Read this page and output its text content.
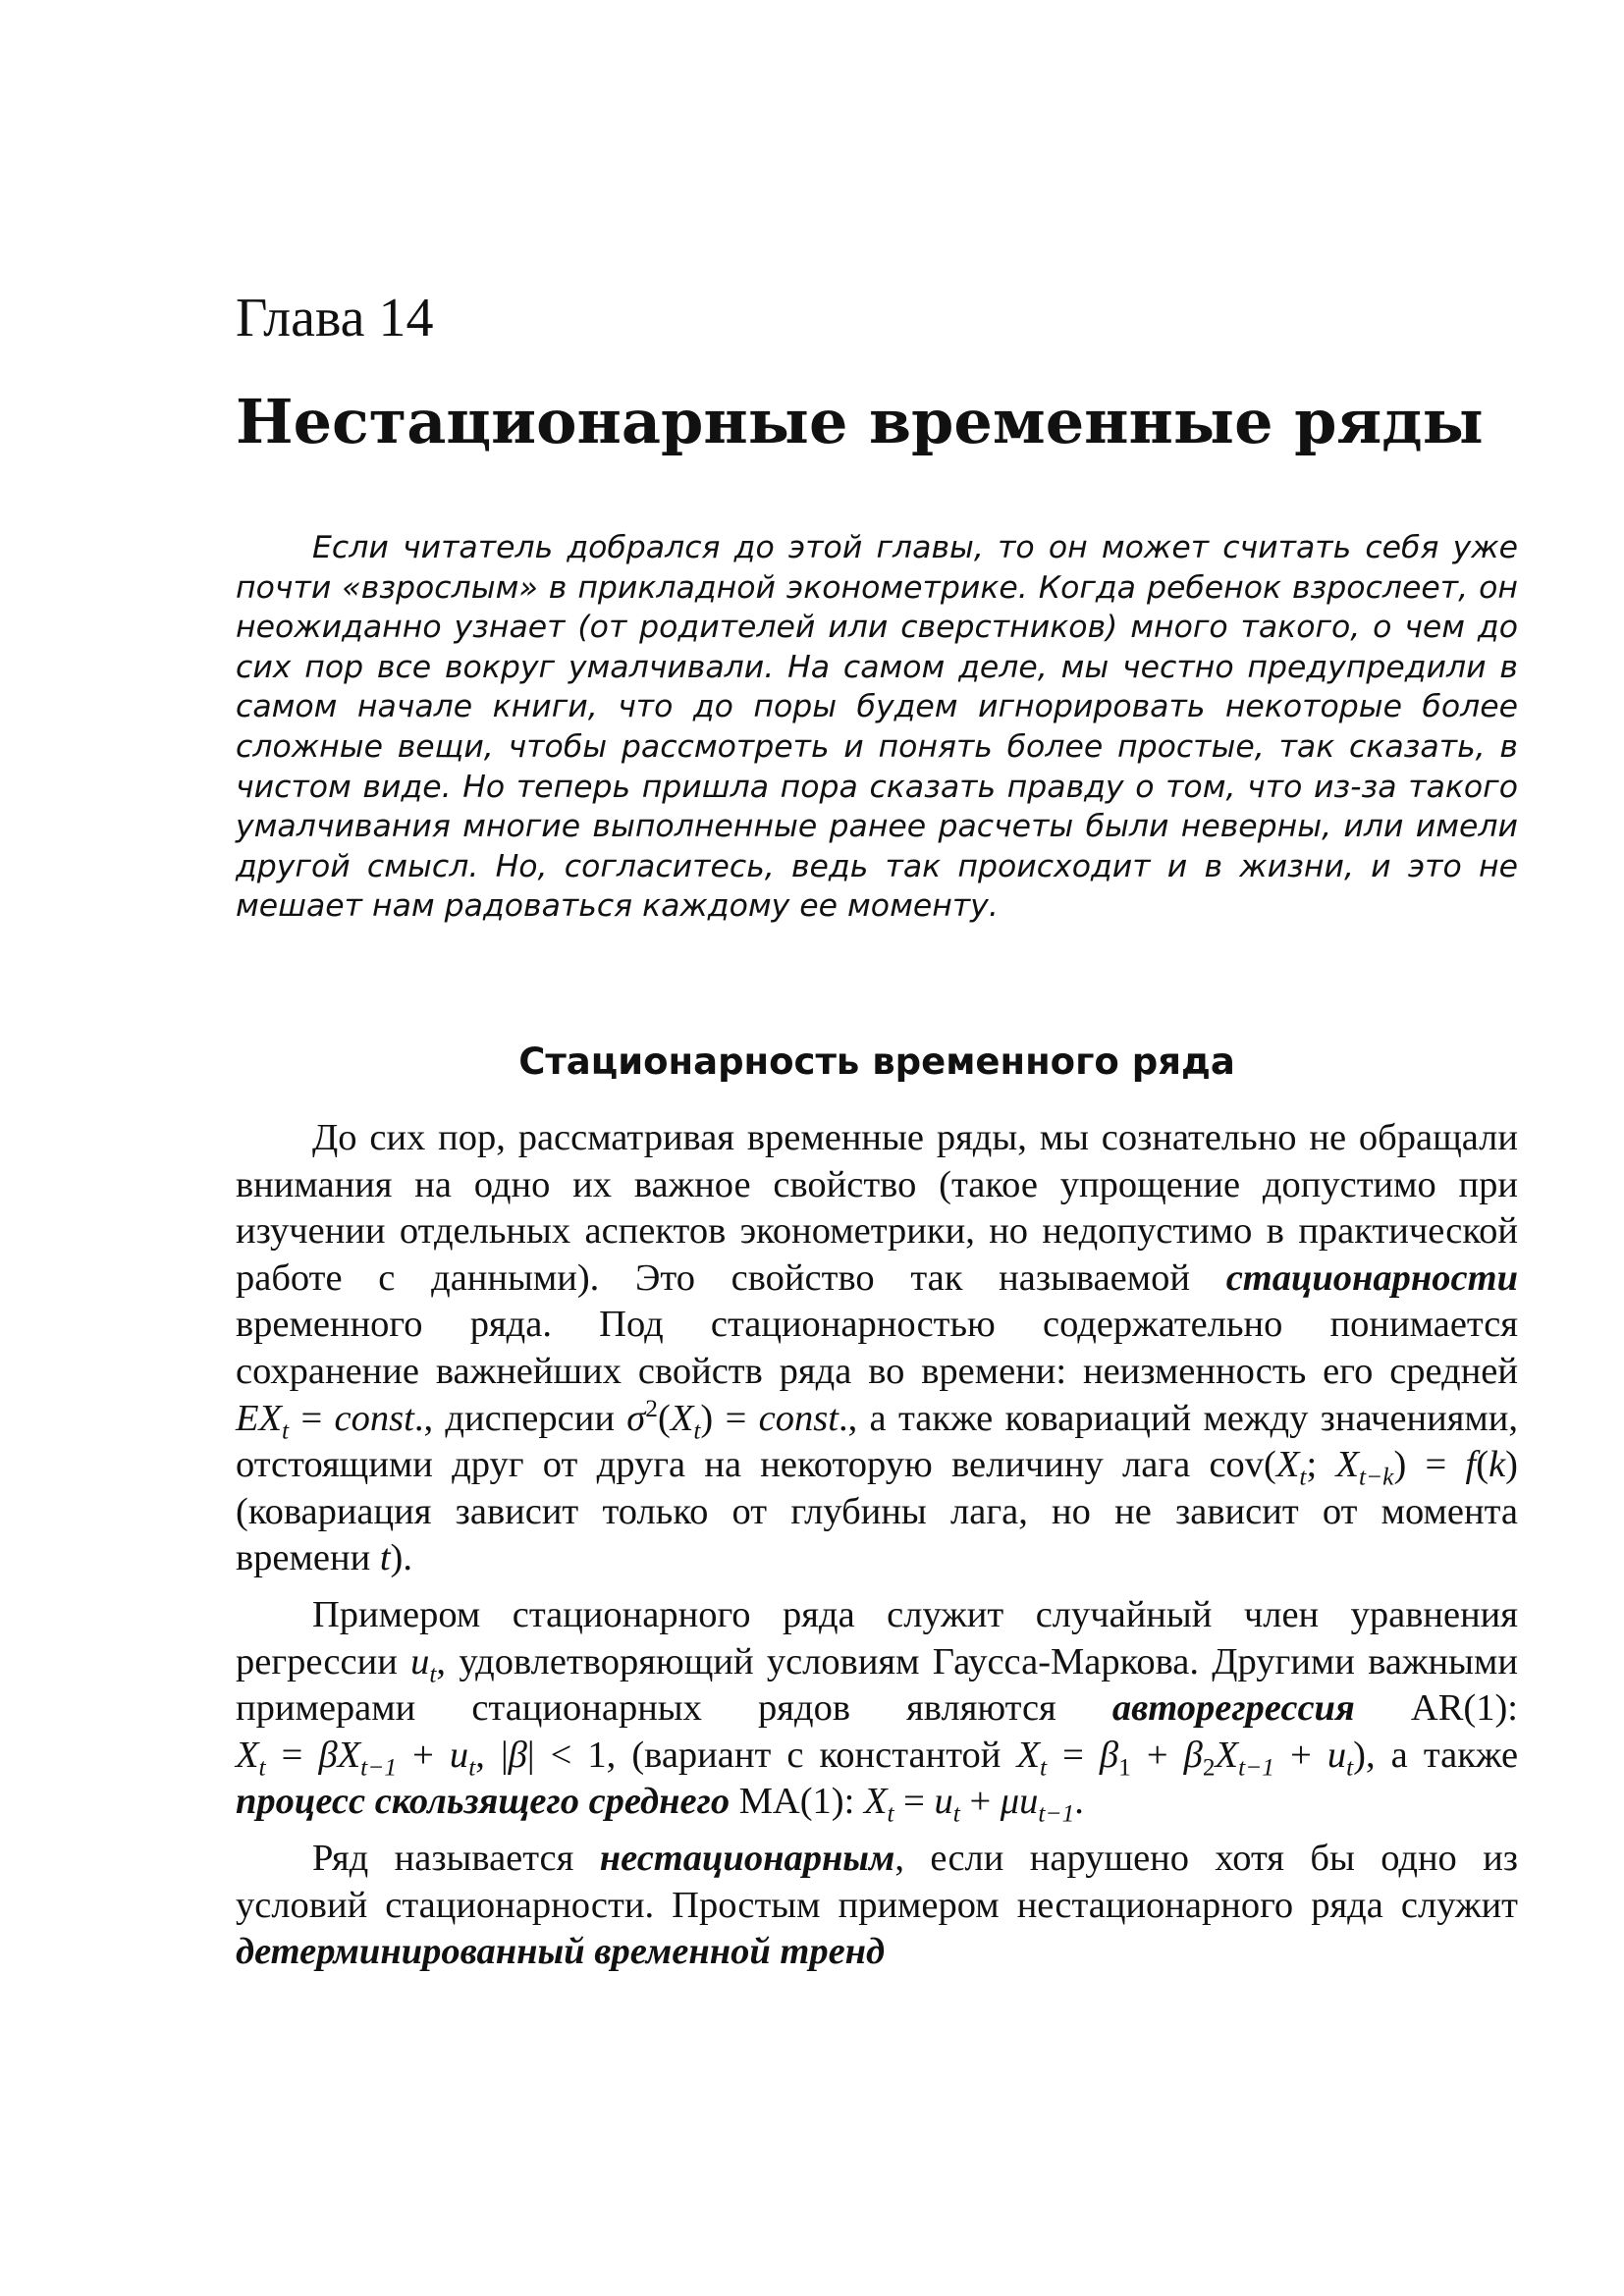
Глава 14
Нестационарные временные ряды

Если читатель добрался до этой главы, то он может считать себя уже почти «взрослым» в прикладной эконометрике. Когда ребенок взрослеет, он неожиданно узнает (от родителей или сверстников) много такого, о чем до сих пор все вокруг умалчивали. На самом деле, мы честно предупредили в самом начале книги, что до поры будем игнорировать некоторые более сложные вещи, чтобы рассмотреть и понять более простые, так сказать, в чистом виде. Но теперь пришла пора сказать правду о том, что из-за такого умалчивания многие выполненные ранее расчеты были неверны, или имели другой смысл. Но, согласитесь, ведь так происходит и в жизни, и это не мешает нам радоваться каждому ее моменту.

Стационарность временного ряда

До сих пор, рассматривая временные ряды, мы сознательно не обращали внимания на одно их важное свойство (такое упрощение допустимо при изучении отдельных аспектов эконометрики, но недопустимо в практической работе с данными). Это свойство так называемой стационарности временного ряда. Под стационарностью содержательно понимается сохранение важнейших свойств ряда во времени: неизменность его средней $EX_t$ = const., дисперсии $\sigma^2(X_t)$ = const., а также ковариаций между значениями, отстоящими друг от друга на некоторую величину лага $cov(X_t$; $X_{t-k}) = f(k)$ (ковариация зависит только от глубины лага, но не зависит от момента времени t).

Примером стационарного ряда служит случайный член уравнения регрессии $u_t$, удовлетворяющий условиям Гаусса-Маркова. Другими важными примерами стационарных рядов являются авторегрессия AR(1): $X_t = \beta X_{t-1} + u_t$, |β| < 1, (вариант с константой $X_t = \beta_1 + \beta_2X_{t-1} + u_t$), а также процесс скользящего среднего MA(1): $X_t = u_t + \mu u_{t-1}$.

Ряд называется нестационарным, если нарушено хотя бы одно из условий стационарности. Простым примером нестационарного ряда служит детерминированный временной тренд
